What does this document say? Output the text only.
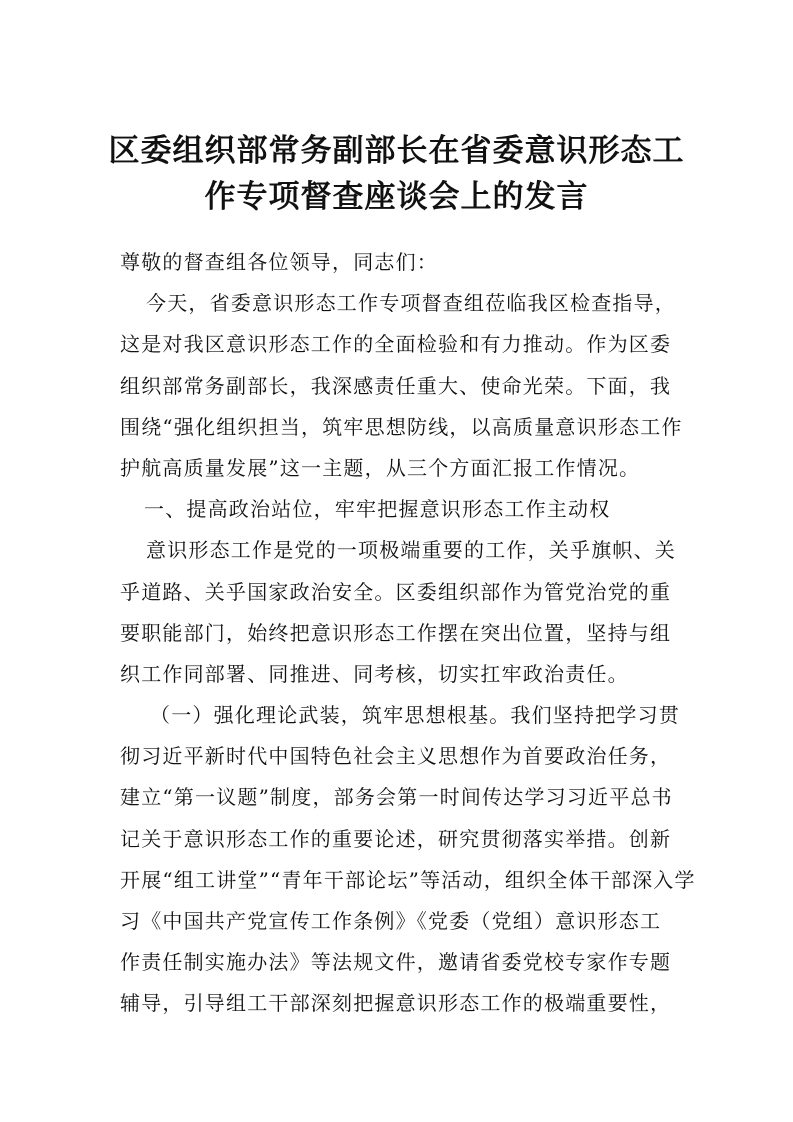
区委组织部常务副部长在省委意识形态工
作专项督查座谈会上的发言
尊敬的督查组各位领导，同志们：
今天，省委意识形态工作专项督查组莅临我区检查指导，
这是对我区意识形态工作的全面检验和有力推动。作为区委
组织部常务副部长，我深感责任重大、使命光荣。下面，我
围绕“强化组织担当，筑牢思想防线，以高质量意识形态工作
护航高质量发展”这一主题，从三个方面汇报工作情况。
一、提高政治站位，牢牢把握意识形态工作主动权
意识形态工作是党的一项极端重要的工作，关乎旗帜、关
乎道路、关乎国家政治安全。区委组织部作为管党治党的重
要职能部门，始终把意识形态工作摆在突出位置，坚持与组
织工作同部署、同推进、同考核，切实扛牢政治责任。
（一）强化理论武装，筑牢思想根基。我们坚持把学习贯
彻习近平新时代中国特色社会主义思想作为首要政治任务，
建立“第一议题”制度，部务会第一时间传达学习习近平总书
记关于意识形态工作的重要论述，研究贯彻落实举措。创新
开展“组工讲堂”“青年干部论坛”等活动，组织全体干部深入学
习《中国共产党宣传工作条例》《党委（党组）意识形态工
作责任制实施办法》等法规文件，邀请省委党校专家作专题
辅导，引导组工干部深刻把握意识形态工作的极端重要性，
